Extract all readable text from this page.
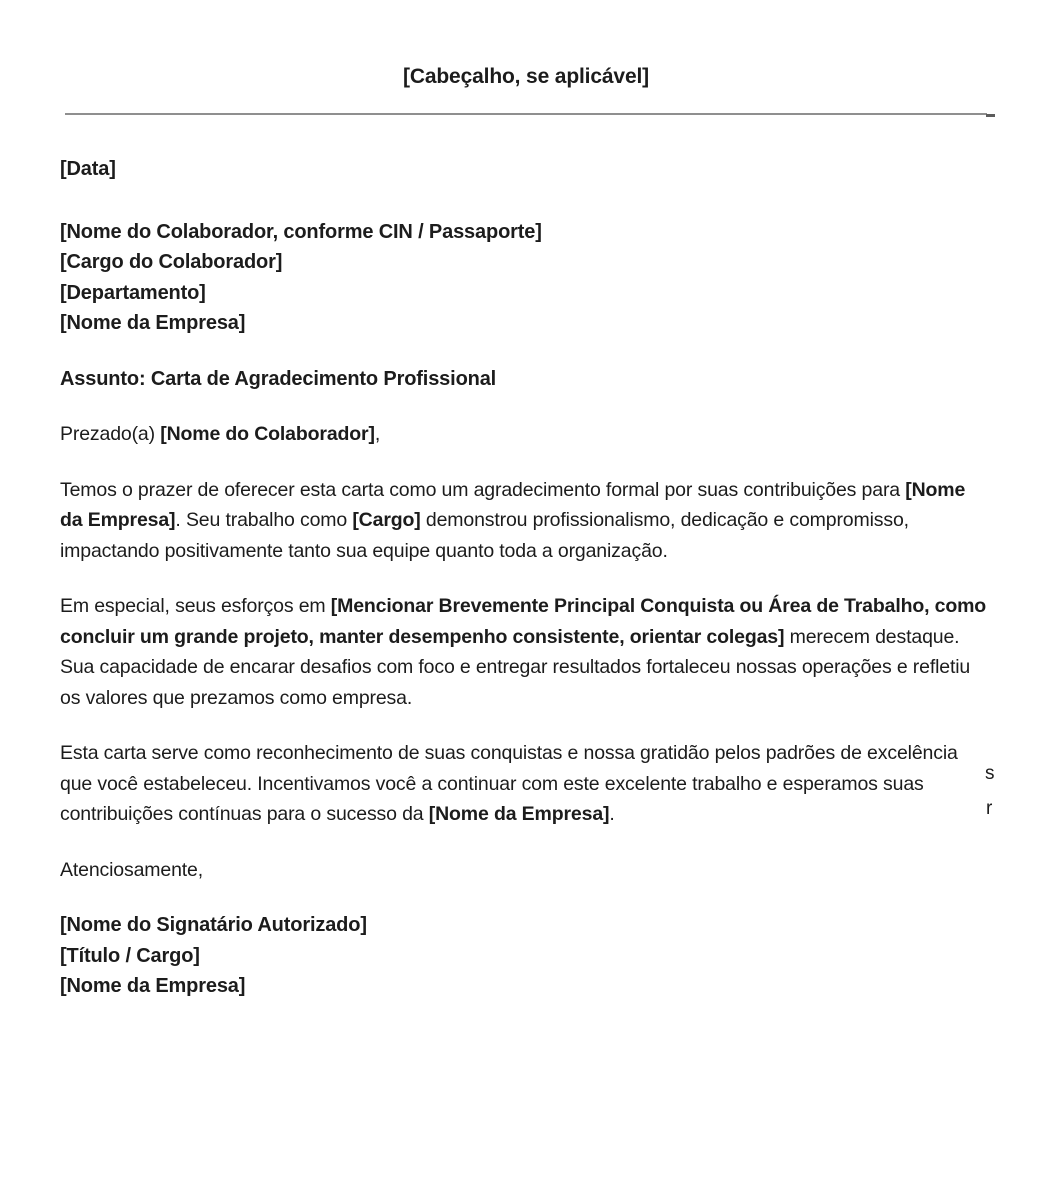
[Cabeçalho, se aplicável]
[Data]
[Nome do Colaborador, conforme CIN / Passaporte]
[Cargo do Colaborador]
[Departamento]
[Nome da Empresa]
Assunto: Carta de Agradecimento Profissional
Prezado(a) [Nome do Colaborador],
Temos o prazer de oferecer esta carta como um agradecimento formal por suas contribuições para [Nome da Empresa]. Seu trabalho como [Cargo] demonstrou profissionalismo, dedicação e compromisso, impactando positivamente tanto sua equipe quanto toda a organização.
Em especial, seus esforços em [Mencionar Brevemente Principal Conquista ou Área de Trabalho, como concluir um grande projeto, manter desempenho consistente, orientar colegas] merecem destaque. Sua capacidade de encarar desafios com foco e entregar resultados fortaleceu nossas operações e refletiu os valores que prezamos como empresa.
Esta carta serve como reconhecimento de suas conquistas e nossa gratidão pelos padrões de excelência que você estabeleceu. Incentivamos você a continuar com este excelente trabalho e esperamos suas contribuições contínuas para o sucesso da [Nome da Empresa].
Atenciosamente,
[Nome do Signatário Autorizado]
[Título / Cargo]
[Nome da Empresa]
s
r
